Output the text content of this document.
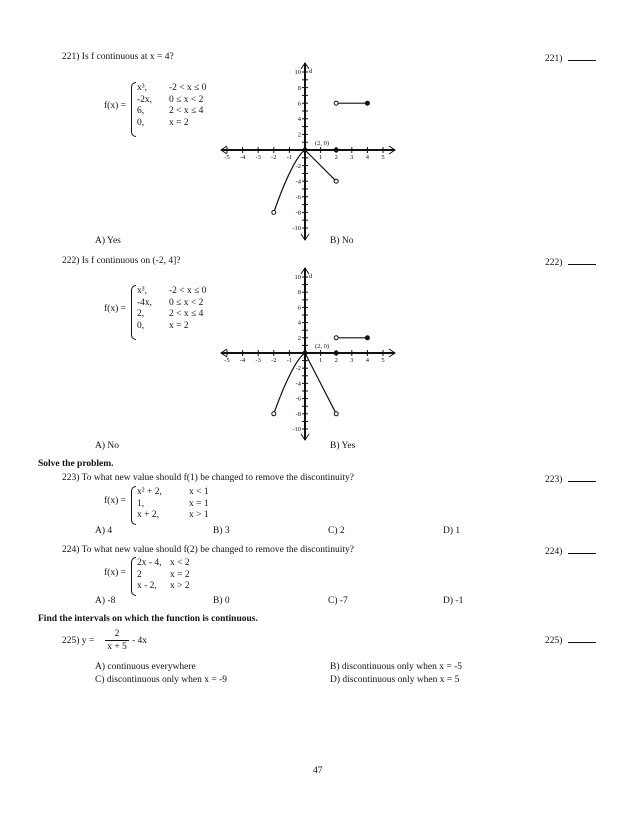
221) Is f continuous at x = 4?	221)
f(x) =
x³, -2 < x ≤ 0
-2x, 0 ≤ x < 2
6,	2 < x ≤ 4
0,	x = 2
-5 -4 -3 -2 -1	1 2 3 4 5
10
8
6
4
2
-2
-4
-6
-8
-10
d
(2, 0)
A) Yes	B) No
222) Is f continuous on (-2, 4]?	222)
f(x) =
x³, -2 < x ≤ 0
-4x, 0 ≤ x < 2
2,	2 < x ≤ 4
0,	x = 2
-5 -4 -3 -2 -1	1 2 3 4 5
10
8
6
4
2
-2
-4
-6
-8
-10
d
(2, 0)
A) No	B) Yes
Solve the problem.
223) To what new value should f(1) be changed to remove the discontinuity?	223)
f(x) =
x² + 2,	x < 1
1,	x = 1
x + 2,	x > 1
A) 4	B) 3	C) 2	D) 1
224) To what new value should f(2) be changed to remove the discontinuity?	224)
f(x) =
2x - 4, x < 2
2	x = 2
x - 2, x > 2
A) -8	B) 0	C) -7	D) -1
Find the intervals on which the function is continuous.
225) $y = \frac{2}{x + 5} - 4x$	225)
A) continuous everywhere	B) discontinuous only when x = -5
C) discontinuous only when x = -9	D) discontinuous only when x = 5
47
